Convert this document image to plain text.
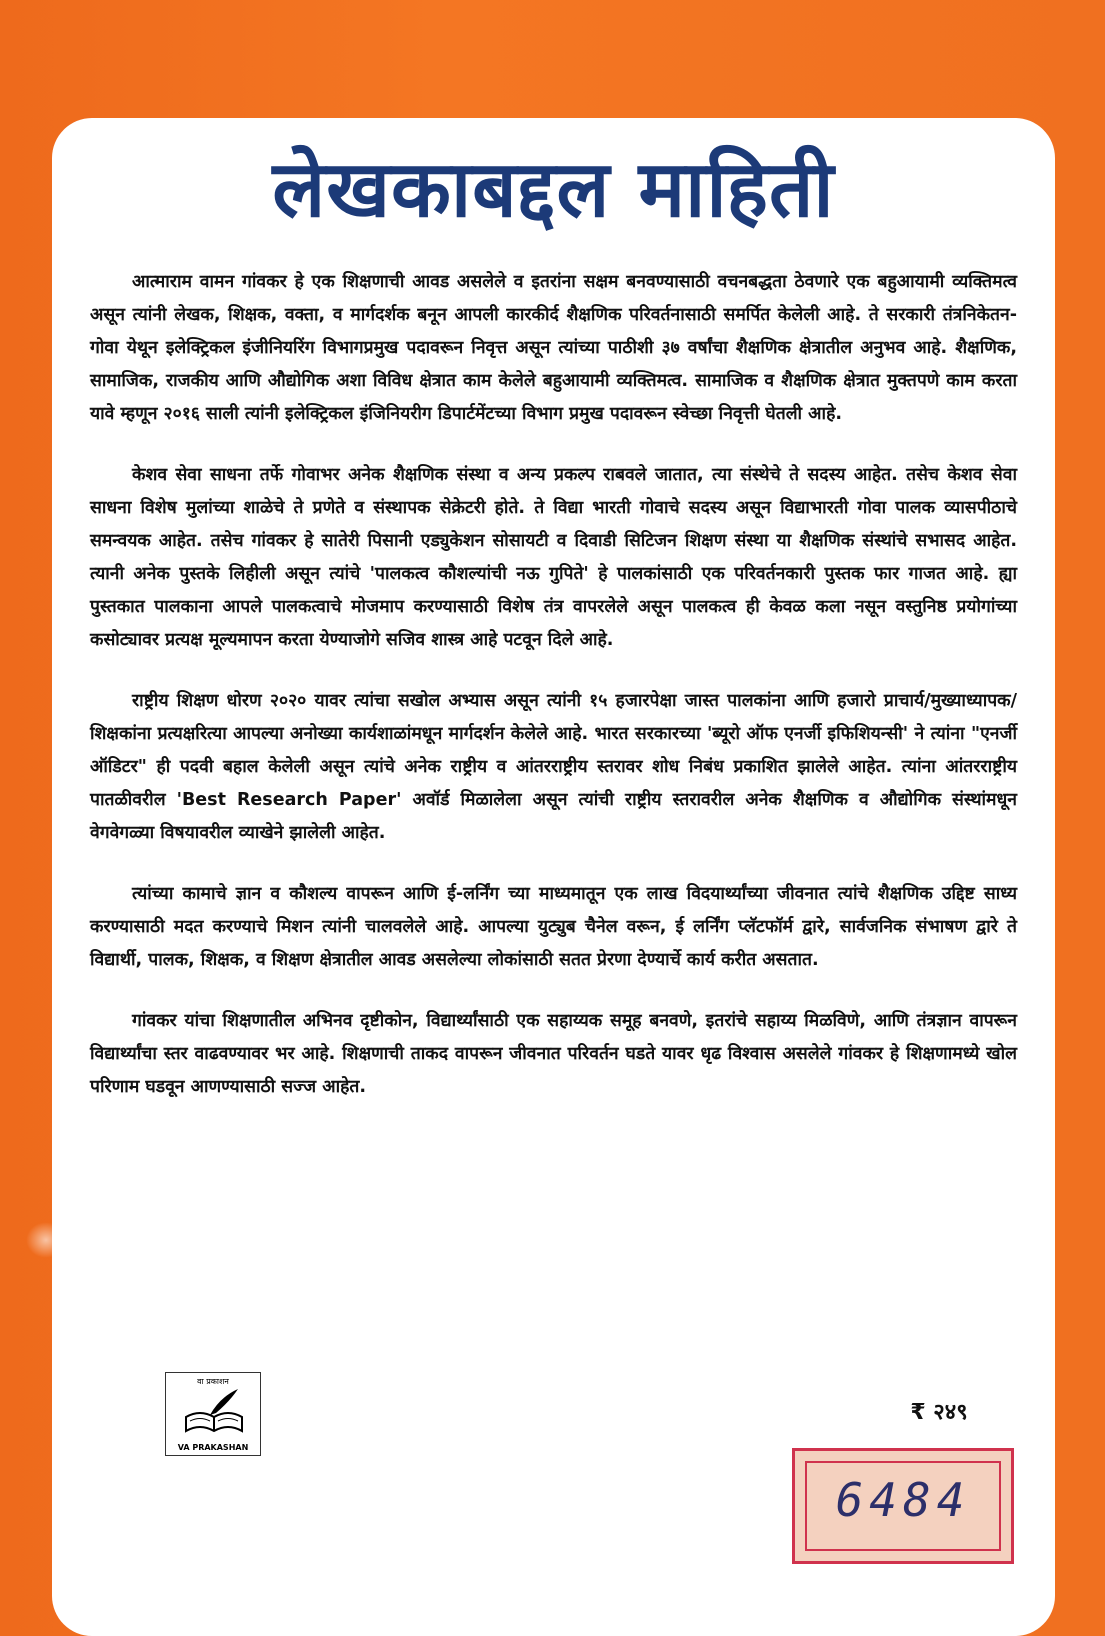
लेखकाबद्दल माहिती

आत्माराम वामन गांवकर हे एक शिक्षणाची आवड असलेले व इतरांना सक्षम बनवण्यासाठी वचनबद्धता ठेवणारे एक बहुआयामी व्यक्तिमत्व असून त्यांनी लेखक, शिक्षक, वक्ता, व मार्गदर्शक बनून आपली कारकीर्द शैक्षणिक परिवर्तनासाठी समर्पित केलेली आहे. ते सरकारी तंत्रनिकेतन-गोवा येथून इलेक्ट्रिकल इंजीनियरिंग विभागप्रमुख पदावरून निवृत्त असून त्यांच्या पाठीशी ३७ वर्षांचा शैक्षणिक क्षेत्रातील अनुभव आहे. शैक्षणिक, सामाजिक, राजकीय आणि औद्योगिक अशा विविध क्षेत्रात काम केलेले बहुआयामी व्यक्तिमत्व. सामाजिक व शैक्षणिक क्षेत्रात मुक्तपणे काम करता यावे म्हणून २०१६ साली त्यांनी इलेक्ट्रिकल इंजिनियरीग डिपार्टमेंटच्या विभाग प्रमुख पदावरून स्वेच्छा निवृत्ती घेतली आहे.

केशव सेवा साधना तर्फे गोवाभर अनेक शैक्षणिक संस्था व अन्य प्रकल्प राबवले जातात, त्या संस्थेचे ते सदस्य आहेत. तसेच केशव सेवा साधना विशेष मुलांच्या शाळेचे ते प्रणेते व संस्थापक सेक्रेटरी होते. ते विद्या भारती गोवाचे सदस्य असून विद्याभारती गोवा पालक व्यासपीठाचे समन्वयक आहेत. तसेच गांवकर हे सातेरी पिसानी एड्युकेशन सोसायटी व दिवाडी सिटिजन शिक्षण संस्था या शैक्षणिक संस्थांचे सभासद आहेत. त्यानी अनेक पुस्तके लिहीली असून त्यांचे 'पालकत्व कौशल्यांची नऊ गुपिते' हे पालकांसाठी एक परिवर्तनकारी पुस्तक फार गाजत आहे. ह्या पुस्तकात पालकाना आपले पालकत्वाचे मोजमाप करण्यासाठी विशेष तंत्र वापरलेले असून पालकत्व ही केवळ कला नसून वस्तुनिष्ठ प्रयोगांच्या कसोट्यावर प्रत्यक्ष मूल्यमापन करता येण्याजोगे सजिव शास्त्र आहे पटवून दिले आहे.

राष्ट्रीय शिक्षण धोरण २०२० यावर त्यांचा सखोल अभ्यास असून त्यांनी १५ हजारपेक्षा जास्त पालकांना आणि हजारो प्राचार्य/मुख्याध्यापक/शिक्षकांना प्रत्यक्षरित्या आपल्या अनोख्या कार्यशाळांमधून मार्गदर्शन केलेले आहे. भारत सरकारच्या 'ब्यूरो ऑफ एनर्जी इफिशियन्सी' ने त्यांना "एनर्जी ऑडिटर" ही पदवी बहाल केलेली असून त्यांचे अनेक राष्ट्रीय व आंतरराष्ट्रीय स्तरावर शोध निबंध प्रकाशित झालेले आहेत. त्यांना आंतरराष्ट्रीय पातळीवरील 'Best Research Paper' अवॉर्ड मिळालेला असून त्यांची राष्ट्रीय स्तरावरील अनेक शैक्षणिक व औद्योगिक संस्थांमधून वेगवेगळ्या विषयावरील व्याखेने झालेली आहेत.

त्यांच्या कामाचे ज्ञान व कौशल्य वापरून आणि ई-लर्निंग च्या माध्यमातून एक लाख विदयार्थ्यांच्या जीवनात त्यांचे शैक्षणिक उद्दिष्ट साध्य करण्यासाठी मदत करण्याचे मिशन त्यांनी चालवलेले आहे. आपल्या युट्युब चैनेल वरून, ई लर्निंग प्लॅटफॉर्म द्वारे, सार्वजनिक संभाषण द्वारे ते विद्यार्थी, पालक, शिक्षक, व शिक्षण क्षेत्रातील आवड असलेल्या लोकांसाठी सतत प्रेरणा देण्यार्चे कार्य करीत असतात.

गांवकर यांचा शिक्षणातील अभिनव दृष्टीकोन, विद्यार्थ्यांसाठी एक सहाय्यक समूह बनवणे, इतरांचे सहाय्य मिळविणे, आणि तंत्रज्ञान वापरून विद्यार्थ्यांचा स्तर वाढवण्यावर भर आहे. शिक्षणाची ताकद वापरून जीवनात परिवर्तन घडते यावर धृढ विश्वास असलेले गांवकर हे शिक्षणामध्ये खोल परिणाम घडवून आणण्यासाठी सज्ज आहेत.

वा प्रकाशन
VA PRAKASHAN
₹ २४९
6484
